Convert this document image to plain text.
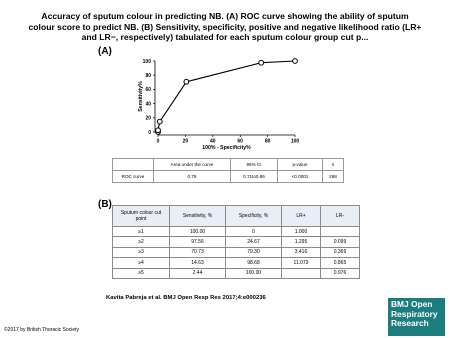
Accuracy of sputum colour in predicting NB. (A) ROC curve showing the ability of sputum
colour score to predict NB. (B) Sensitivity, specificity, positive and negative likelihood ratio (LR+
and LR−, respectively) tabulated for each sputum colour group cut p...
(A)
0
20
40
60
80
100
0	20	40	60	80	100
Sensitivity%
100% - Specificity%
	Area under the curve	95% CI	p-value	n
ROC curve	0.79	0.71to0.86	<0.0001	268
(B)
Sputum colour cut point	Sensitivity, %	Specificity, %	LR+	LR-
≥1	100.00	0	1.000	
≥2	97.56	24.67	1.295	0.099
≥3	70.73	79.30	3.416	0.369
≥4	14.63	98.68	11.073	0.865
≥5	2.44	100.00		0.976
Kavita Pabreja et al. BMJ Open Resp Res 2017;4:e000236
©2017 by British Thoracic Society
BMJ Open
Respiratory
Research
